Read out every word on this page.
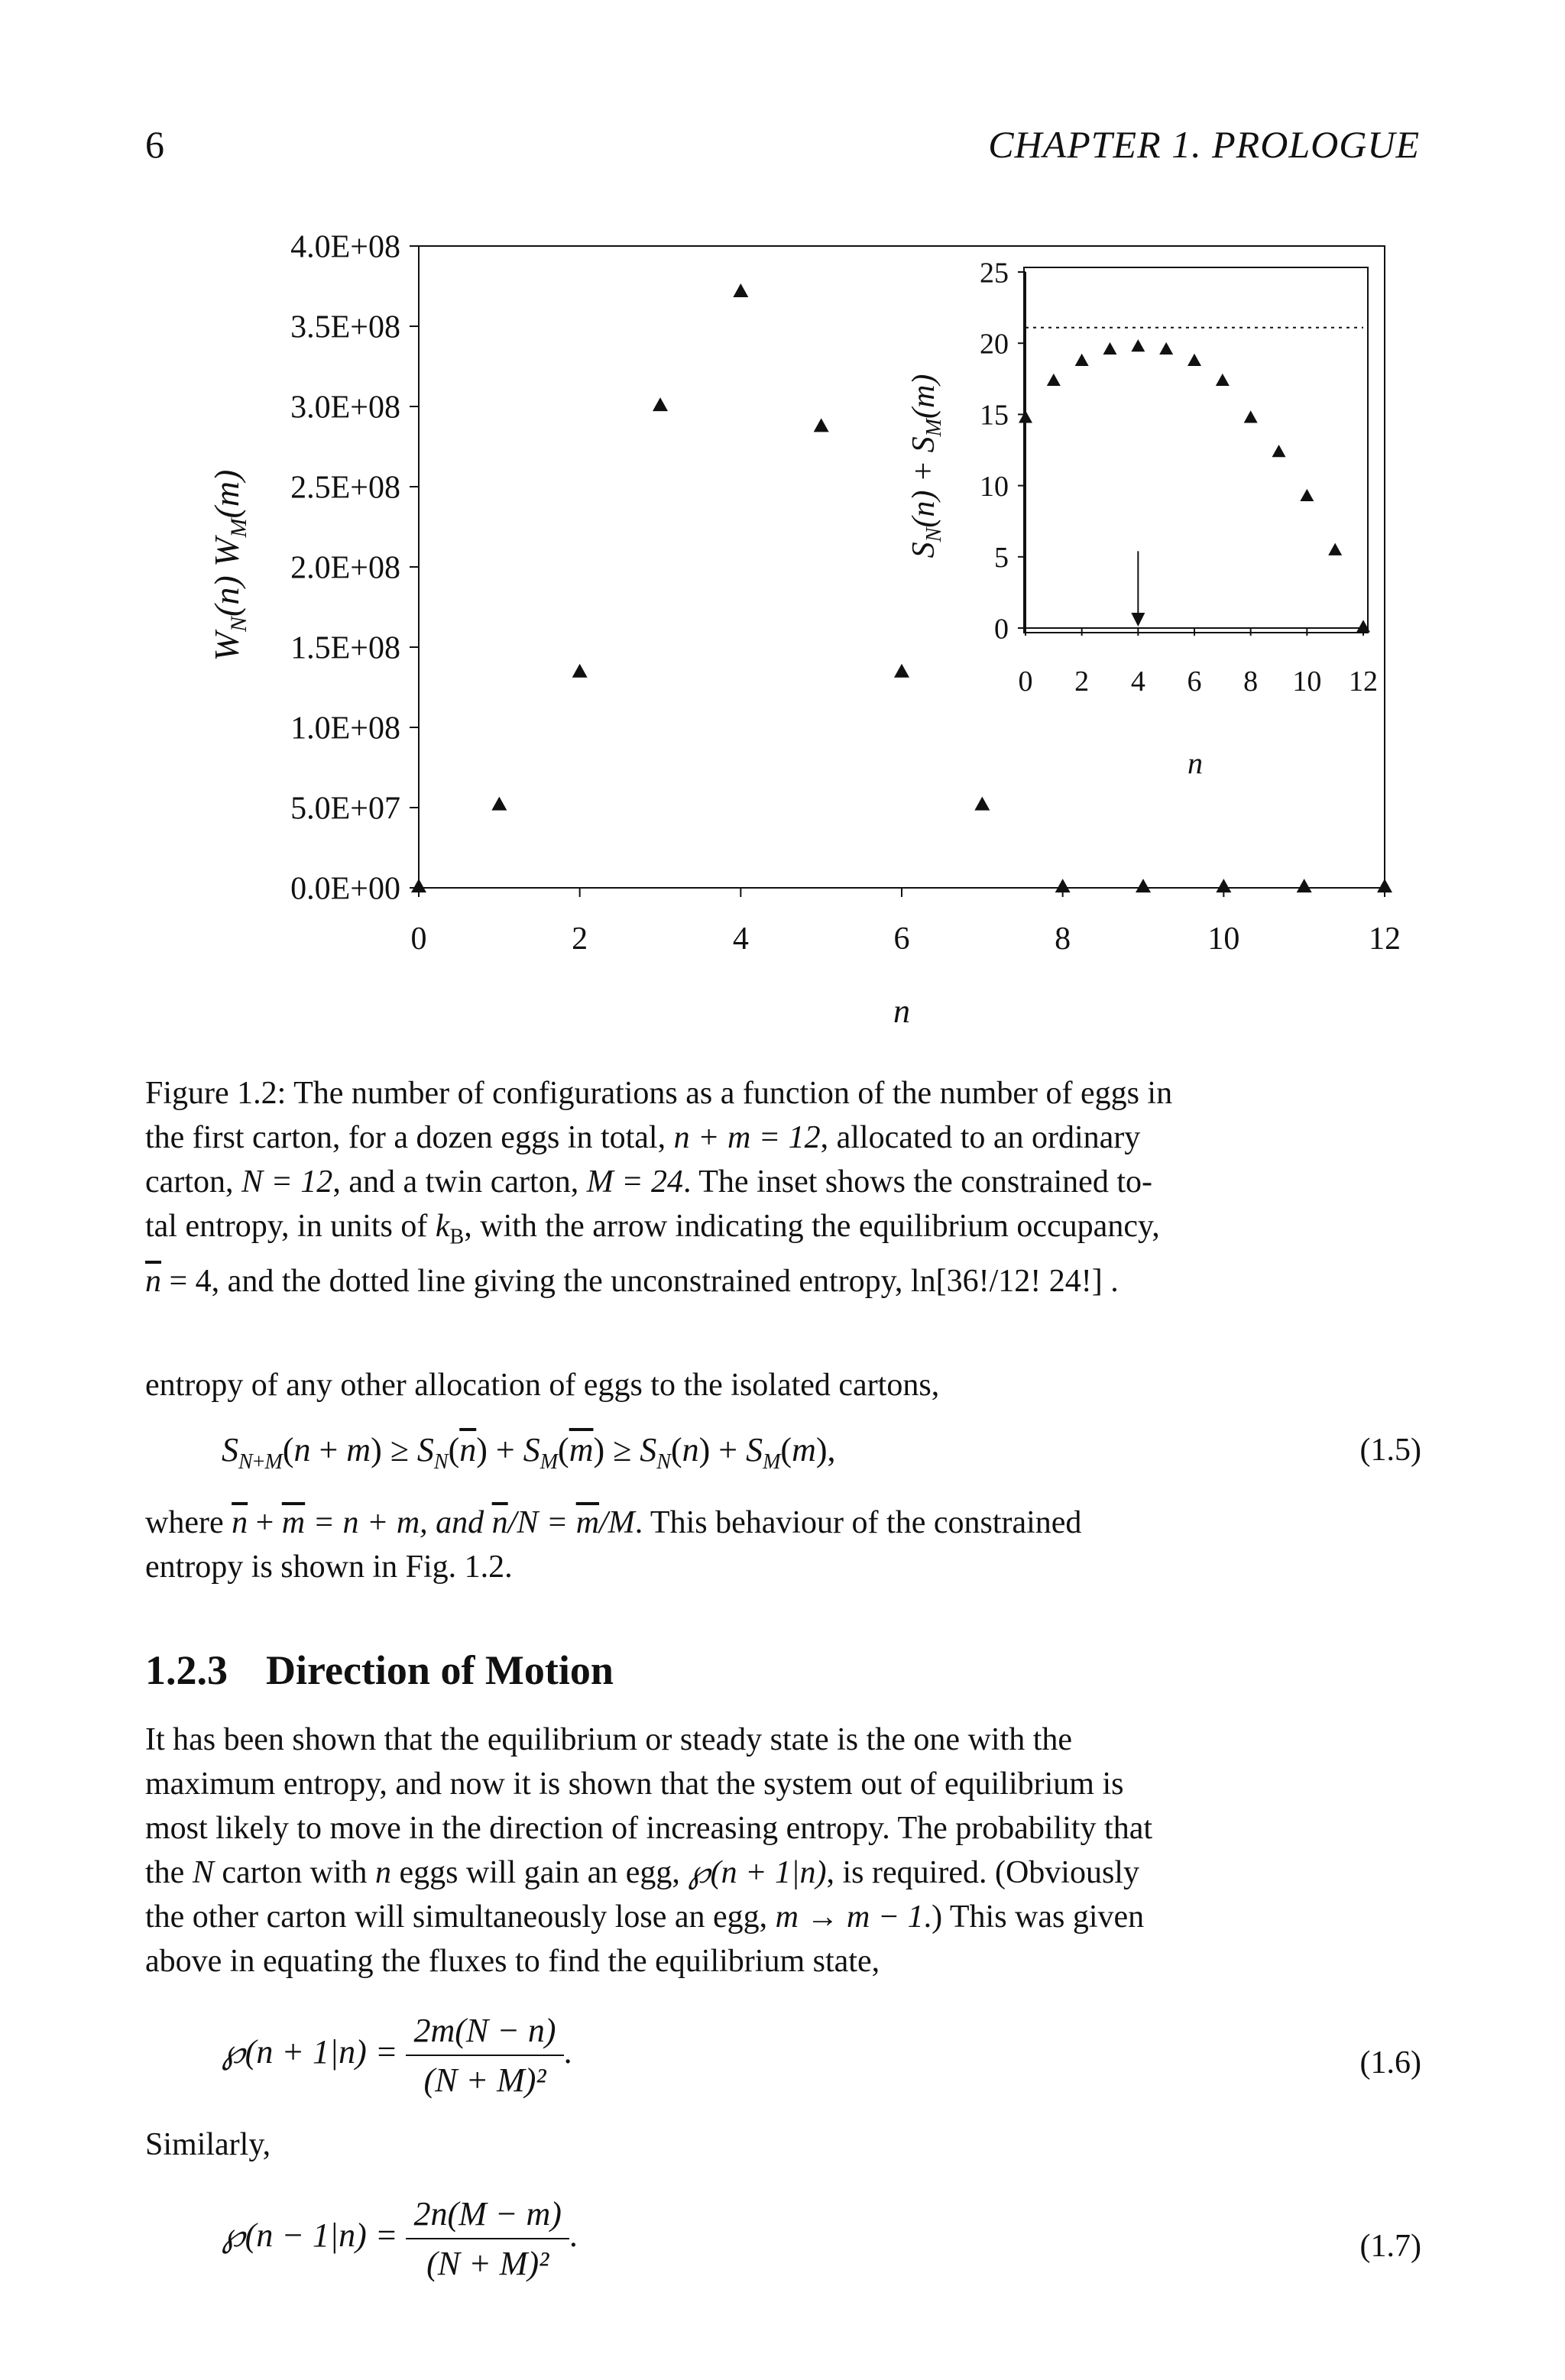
6	CHAPTER 1. PROLOGUE
0.0E+00
5.0E+07
1.0E+08
1.5E+08
2.0E+08
2.5E+08
3.0E+08
3.5E+08
4.0E+08
0	2	4	6	8	10	12
$W_N(n)$ $W_M(m)$
n
0
5
10
15
20
25
0 2 4 6 8 10 12
$S_N(n) + S_M(m)$
n
Figure 1.2: The number of configurations as a function of the number of eggs in
the first carton, for a dozen eggs in total, n + m = 12, allocated to an ordinary
carton, N = 12, and a twin carton, M = 24. The inset shows the constrained to-
tal entropy, in units of $k_B$, with the arrow indicating the equilibrium occupancy,
$\overline{n} = 4$, and the dotted line giving the unconstrained entropy, ln[36!/12! 24!] .
entropy of any other allocation of eggs to the isolated cartons,
$S_{N+M}(n + m) \ge S_N(\overline{n}) + S_M(\overline{m}) \ge S_N(n) + S_M(m)$,	(1.5)
where $\overline{n} + \overline{m} = n + m$, and $\overline{n}/N = \overline{m}/M$. This behaviour of the constrained
entropy is shown in Fig. 1.2.
1.2.3 Direction of Motion
It has been shown that the equilibrium or steady state is the one with the
maximum entropy, and now it is shown that the system out of equilibrium is
most likely to move in the direction of increasing entropy. The probability that
the N carton with n eggs will gain an egg, ℘(n + 1|n), is required. (Obviously
the other carton will simultaneously lose an egg, m → m − 1.) This was given
above in equating the fluxes to find the equilibrium state,
℘(n + $1|n) = \frac{2m(N - n)}{\text{(N + M)²}}$ .	(1.6)
Similarly,
℘(n − $1|n) = \frac{2n(M - m)}{\text{(N + M)²}}$ .	(1.7)
